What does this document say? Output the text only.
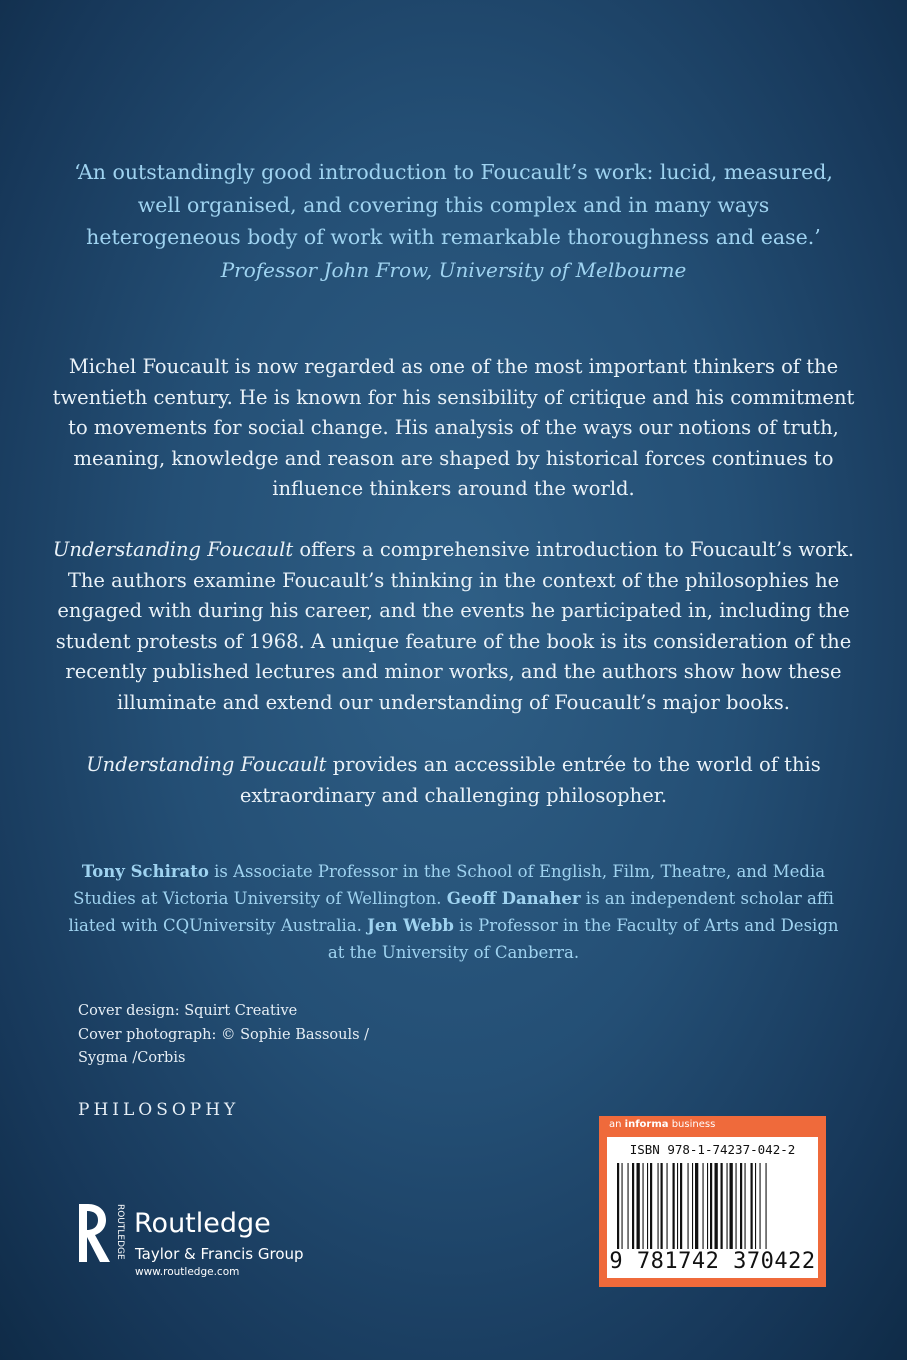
‘An outstandingly good introduction to Foucault’s work: lucid, measured, well organised, and covering this complex and in many ways heterogeneous body of work with remarkable thoroughness and ease.’
Professor John Frow, University of Melbourne
Michel Foucault is now regarded as one of the most important thinkers of the twentieth century. He is known for his sensibility of critique and his commitment to movements for social change. His analysis of the ways our notions of truth, meaning, knowledge and reason are shaped by historical forces continues to influence thinkers around the world.
Understanding Foucault offers a comprehensive introduction to Foucault’s work. The authors examine Foucault’s thinking in the context of the philosophies he engaged with during his career, and the events he participated in, including the student protests of 1968. A unique feature of the book is its consideration of the recently published lectures and minor works, and the authors show how these illuminate and extend our understanding of Foucault’s major books.
Understanding Foucault provides an accessible entrée to the world of this extraordinary and challenging philosopher.
Tony Schirato is Associate Professor in the School of English, Film, Theatre, and Media Studies at Victoria University of Wellington. Geoff Danaher is an independent scholar affi liated with CQUniversity Australia. Jen Webb is Professor in the Faculty of Arts and Design at the University of Canberra.
Cover design: Squirt Creative
Cover photograph: © Sophie Bassouls / Sygma /Corbis
PHILOSOPHY
ROUTLEDGE Routledge
Taylor & Francis Group
www.routledge.com
an informa business
ISBN 978-1-74237-042-2
9 781742 370422
